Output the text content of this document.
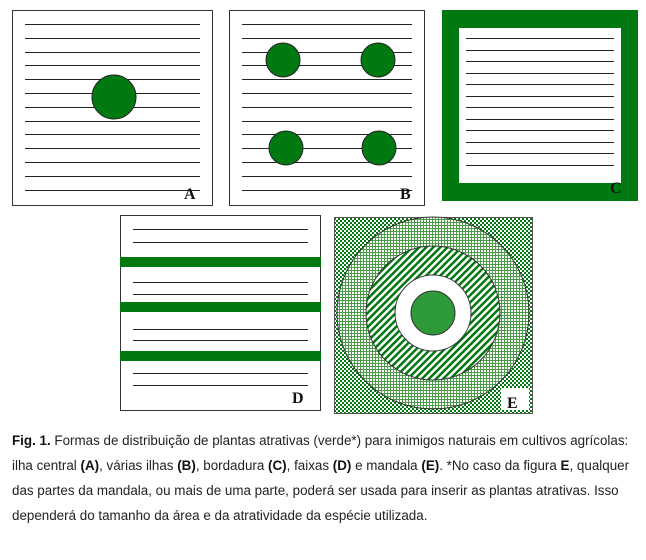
A	B	C
D	E
Fig. 1. Formas de distribuição de plantas atrativas (verde*) para inimigos naturais em cultivos agrícolas: ilha central (A), várias ilhas (B), bordadura (C), faixas (D) e mandala (E). *No caso da figura E, qualquer das partes da mandala, ou mais de uma parte, poderá ser usada para inserir as plantas atrativas. Isso dependerá do tamanho da área e da atratividade da espécie utilizada.
